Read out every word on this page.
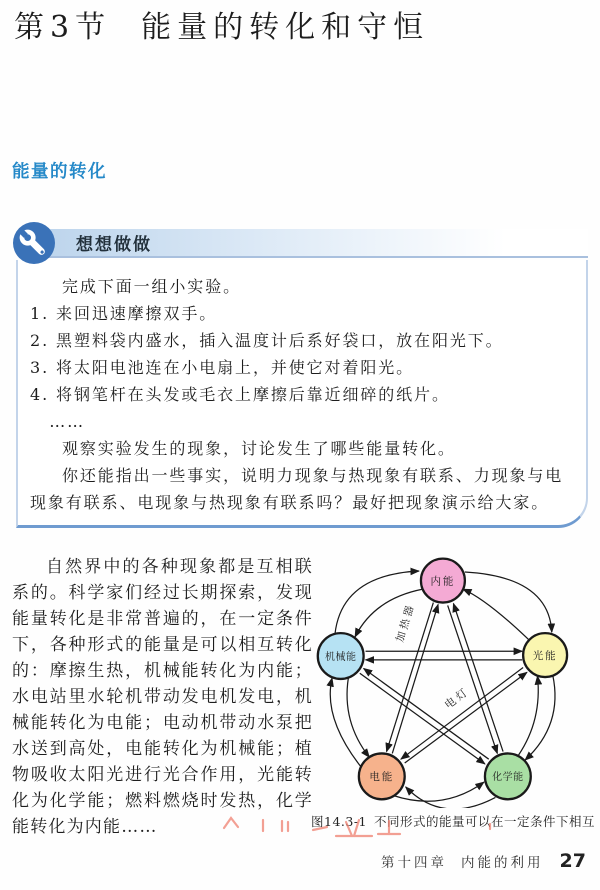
第3节 能量的转化和守恒
能量的转化
想想做做

完成下面一组小实验。

1. 来回迅速摩擦双手。

2. 黑塑料袋内盛水，插入温度计后系好袋口，放在阳光下。

3. 将太阳电池连在小电扇上，并使它对着阳光。

4. 将钢笔杆在头发或毛衣上摩擦后靠近细碎的纸片。

……

观察实验发生的现象，讨论发生了哪些能量转化。

你还能指出一些事实，说明力现象与热现象有联系、力现象与电现象有联系、电现象与热现象有联系吗？最好把现象演示给大家。

自然界中的各种现象都是互相联系的。科学家们经过长期探索，发现能量转化是非常普遍的，在一定条件下，各种形式的能量是可以相互转化的：摩擦生热，机械能转化为内能；水电站里水轮机带动发电机发电，机械能转化为电能；电动机带动水泵把水送到高处，电能转化为机械能；植物吸收太阳光进行光合作用，光能转化为化学能；燃料燃烧时发热，化学能转化为内能……

加热器
电灯
内能
机械能	光能
电能	化学能
图14.3-1 不同形式的能量可以在一定条件下相互
第十四章 内能的利用 27
